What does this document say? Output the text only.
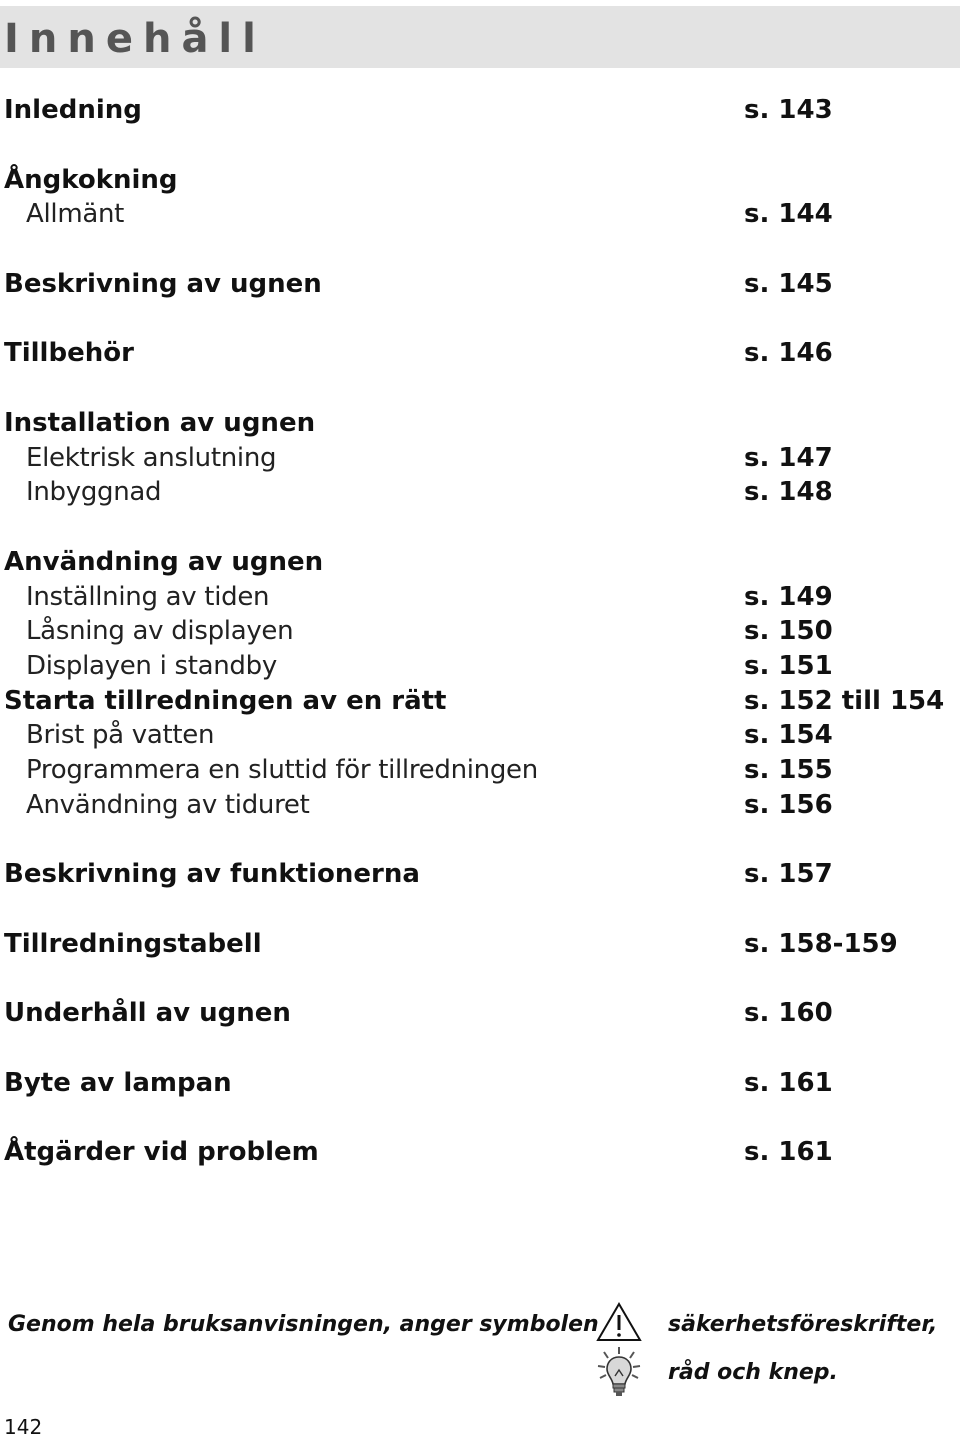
Innehåll
Inledning	s. 143
Ångkokning
Allmänt	s. 144
Beskrivning av ugnen	s. 145
Tillbehör	s. 146
Installation av ugnen
Elektrisk anslutning	s. 147
Inbyggnad	s. 148
Användning av ugnen
Inställning av tiden	s. 149
Låsning av displayen	s. 150
Displayen i standby	s. 151
Starta tillredningen av en rätt	s. 152 till 154
Brist på vatten	s. 154
Programmera en sluttid för tillredningen	s. 155
Användning av tiduret	s. 156
Beskrivning av funktionerna	s. 157
Tillredningstabell	s. 158-159
Underhåll av ugnen	s. 160
Byte av lampan	s. 161
Åtgärder vid problem	s. 161
Genom hela bruksanvisningen, anger symbolen	säkerhetsföreskrifter,
råd och knep.
142
